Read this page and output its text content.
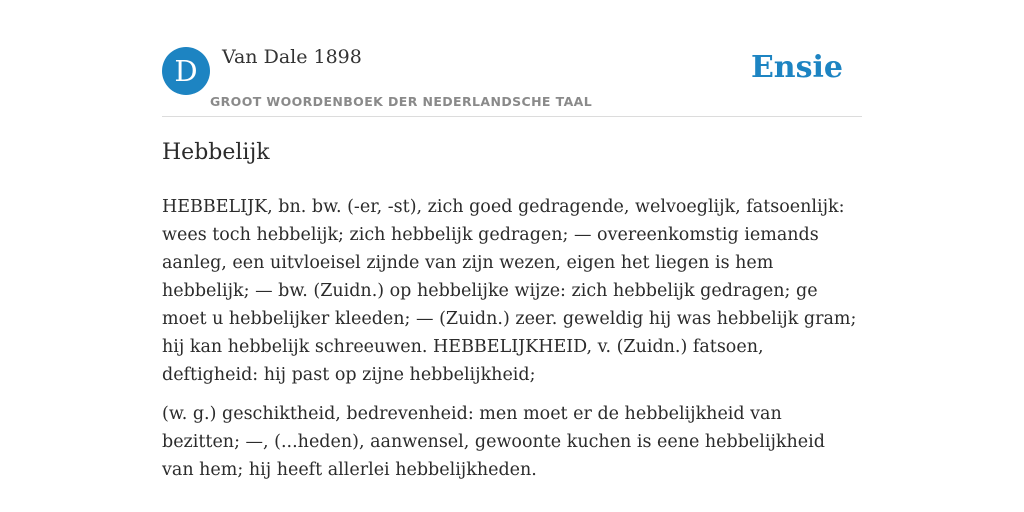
D	Van Dale 1898
GROOT WOORDENBOEK DER NEDERLANDSCHE TAAL
Ensie
Hebbelijk

HEBBELIJK, bn. bw. (-er, -st), zich goed gedragende, welvoeglijk, fatsoenlijk: wees toch hebbelijk; zich hebbelijk gedragen; — overeenkomstig iemands aanleg, een uitvloeisel zijnde van zijn wezen, eigen het liegen is hem hebbelijk; — bw. (Zuidn.) op hebbelijke wijze: zich hebbelijk gedragen; ge moet u hebbelijker kleeden; — (Zuidn.) zeer. geweldig hij was hebbelijk gram; hij kan hebbelijk schreeuwen. HEBBELIJKHEID, v. (Zuidn.) fatsoen, deftigheid: hij past op zijne hebbelijkheid;

(w. g.) geschiktheid, bedrevenheid: men moet er de hebbelijkheid van bezitten; —, (...heden), aanwensel, gewoonte kuchen is eene hebbelijkheid van hem; hij heeft allerlei hebbelijkheden.
